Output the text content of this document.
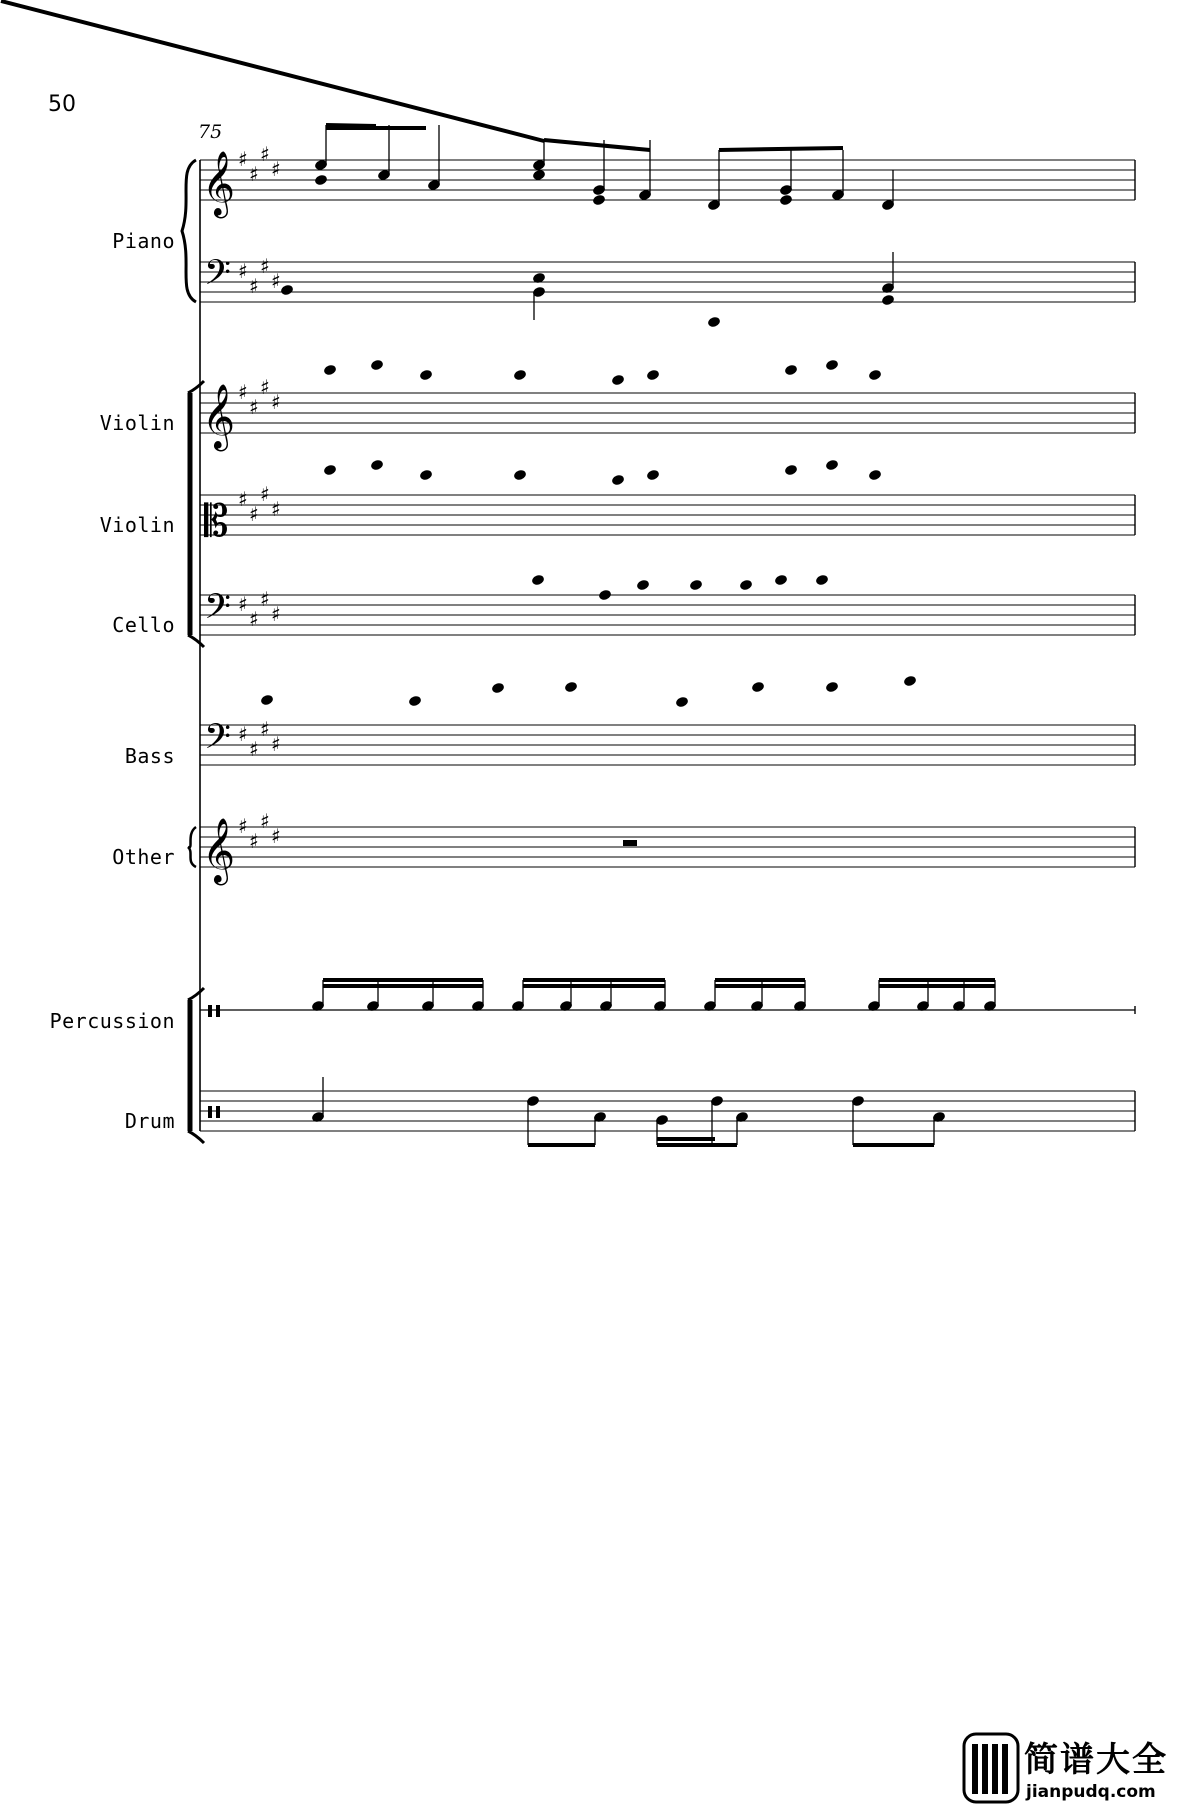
50
75
Piano
Violin
Violin
Cello
Bass
Other
Percussion
Drum
𝄞
𝄢
𝄞
𝄡
𝄢
𝄢
𝄞
♯
♯
♯
♯
♯
♯
♯
♯
♯
♯
♯
♯
♯
♯
♯
♯
♯
♯
♯
♯
♯
♯
♯
♯
♯
♯
♯
♯
简谱大全
jianpudq.com
